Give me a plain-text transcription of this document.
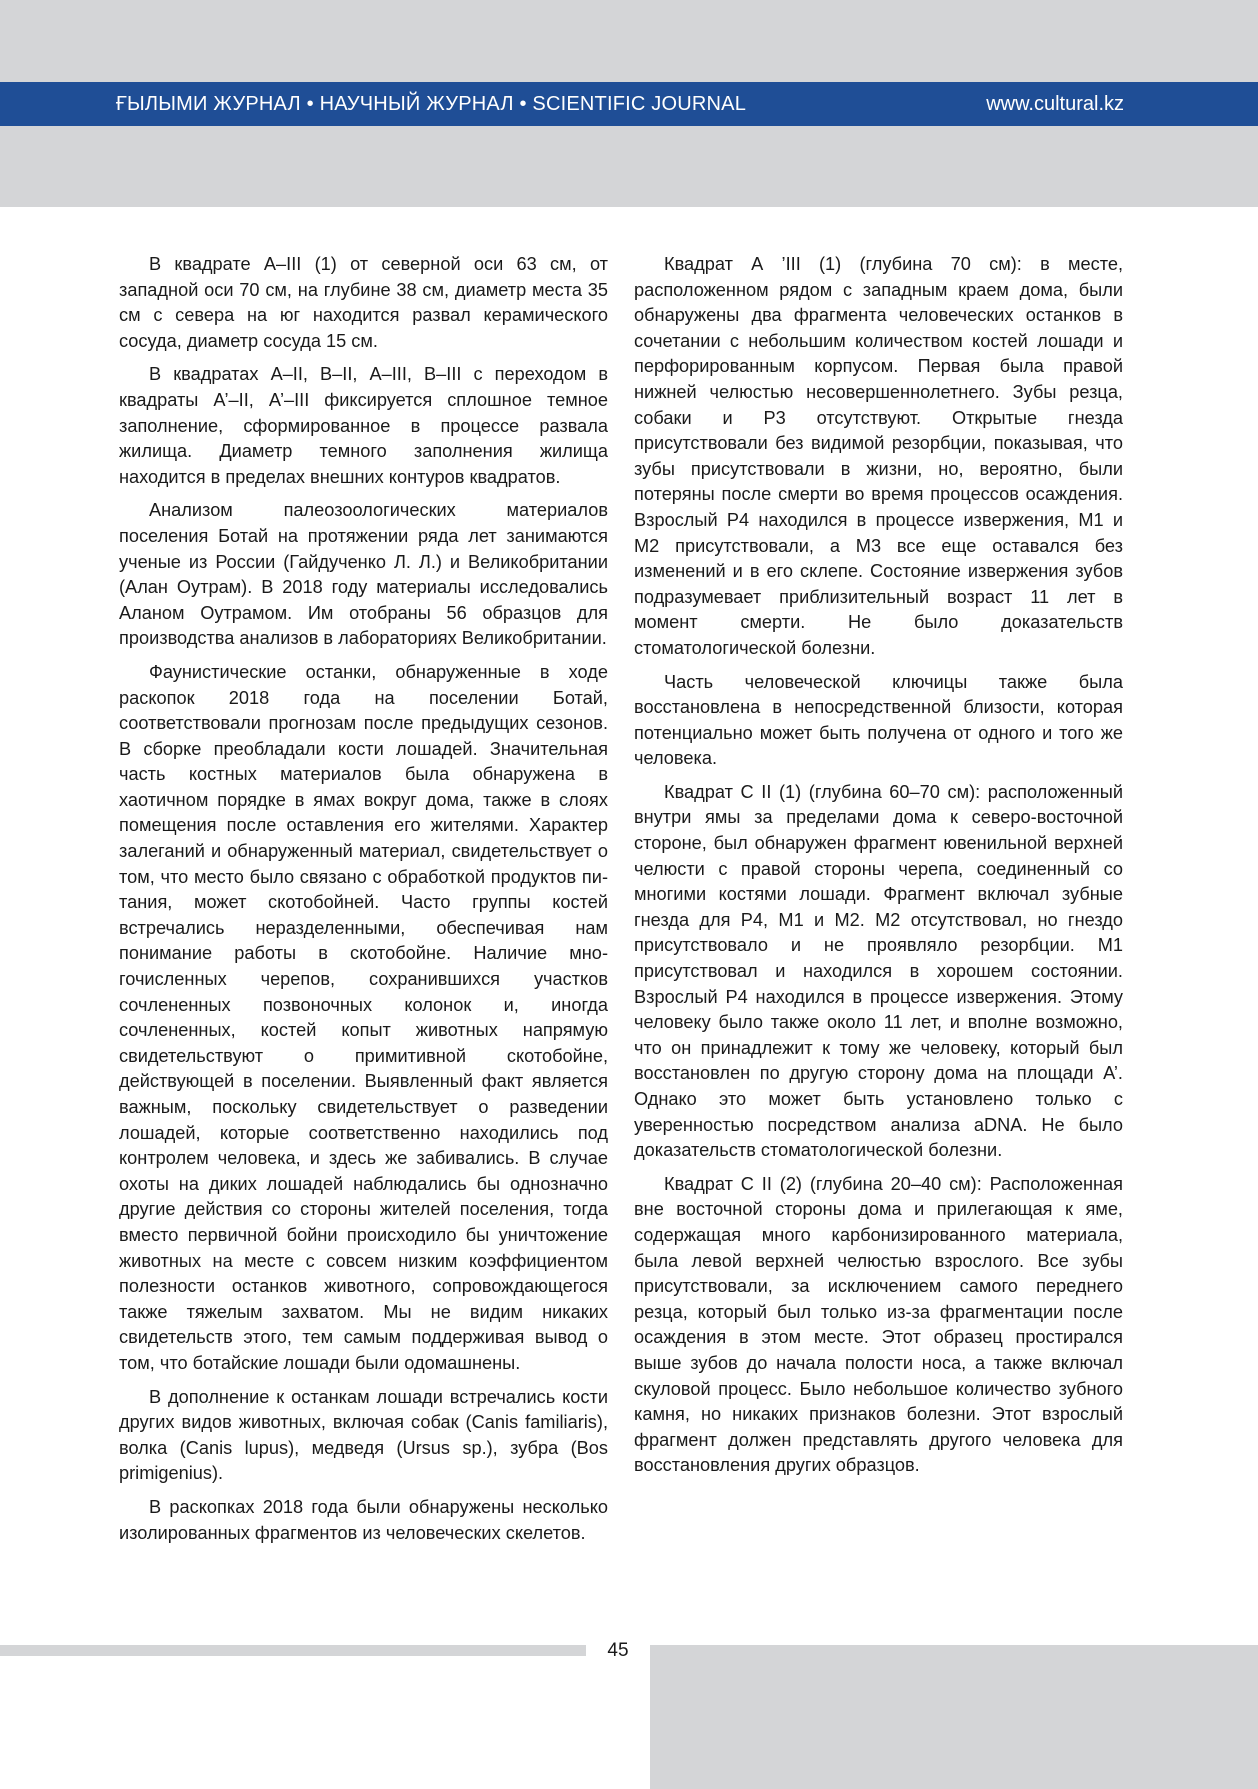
ҒЫЛЫМИ ЖУРНАЛ • НАУЧНЫЙ ЖУРНАЛ • SCIENTIFIC JOURNAL	www.cultural.kz

В квадрате А–III (1) от северной оси 63 см, от западной оси 70 см, на глубине 38 см, диаметр места 35 см с севера на юг находится развал керамического сосуда, диаметр сосуда 15 см.

В квадратах А–II, В–II, А–III, В–III с переходом в квадраты А’–II, А’–III фиксируется сплошное темное заполнение, сформированное в процессе развала жилища. Диаметр темного заполнения жилища находится в пределах внешних контуров квадратов.

Анализом палеозоологических материалов поселения Ботай на протяжении ряда лет занимаются ученые из России (Гайдученко Л. Л.) и Великобритании (Алан Оутрам). В 2018 году материалы исследовались Аланом Оутрамом. Им отобраны 56 образцов для производства анализов в лабораториях Великобритании.

Фаунистические останки, обнаруженные в ходе раскопок 2018 года на поселении Ботай, соответствовали прогнозам после предыдущих сезонов. В сборке преобладали кости лошадей. Значительная часть костных материалов была обнаружена в хаотичном порядке в ямах вокруг дома, также в слоях помещения после оставления его жителями. Характер залеганий и обнаруженный материал, свидетельствует о том, что место было связано с обработкой продуктов питания, может скотобойней. Часто группы костей встречались неразделенными, обеспечивая нам понимание работы в скотобойне. Наличие многочисленных черепов, сохранившихся участков сочлененных позвоночных колонок и, иногда сочлененных, костей копыт животных напрямую свидетельствуют о примитивной скотобойне, действующей в поселении. Выявленный факт является важным, поскольку свидетельствует о разведении лошадей, которые соответственно находились под контролем человека, и здесь же забивались. В случае охоты на диких лошадей наблюдались бы однозначно другие действия со стороны жителей поселения, тогда вместо первичной бойни происходило бы уничтожение животных на месте с совсем низким коэффициентом полезности останков животного, сопровождающегося также тяжелым захватом. Мы не видим никаких свидетельств этого, тем самым поддерживая вывод о том, что ботайские лошади были одомашнены.

В дополнение к останкам лошади встречались кости других видов животных, включая собак (Canis familiaris), волка (Canis lupus), медведя (Ursus sp.), зубра (Bos primigenius).

В раскопках 2018 года были обнаружены несколько изолированных фрагментов из человеческих скелетов.

Квадрат А ’III (1) (глубина 70 см): в месте, расположенном рядом с западным краем дома, были обнаружены два фрагмента человеческих останков в сочетании с небольшим количеством костей лошади и перфорированным корпусом. Первая была правой нижней челюстью несовершеннолетнего. Зубы резца, собаки и P3 отсутствуют. Открытые гнезда присутствовали без видимой резорбции, показывая, что зубы присутствовали в жизни, но, вероятно, были потеряны после смерти во время процессов осаждения. Взрослый P4 находился в процессе извержения, M1 и M2 присутствовали, а M3 все еще оставался без изменений и в его склепе. Состояние извержения зубов подразумевает приблизительный возраст 11 лет в момент смерти. Не было доказательств стоматологической болезни.

Часть человеческой ключицы также была восстановлена в непосредственной близости, которая потенциально может быть получена от одного и того же человека.

Квадрат С II (1) (глубина 60–70 см): расположенный внутри ямы за пределами дома к северо-восточной стороне, был обнаружен фрагмент ювенильной верхней челюсти с правой стороны черепа, соединенный со многими костями лошади. Фрагмент включал зубные гнезда для P4, M1 и M2. M2 отсутствовал, но гнездо присутствовало и не проявляло резорбции. M1 присутствовал и находился в хорошем состоянии. Взрослый P4 находился в процессе извержения. Этому человеку было также около 11 лет, и вполне возможно, что он принадлежит к тому же человеку, который был восстановлен по другую сторону дома на площади A’. Однако это может быть установлено только с уверенностью посредством анализа aDNA. Не было доказательств стоматологической болезни.

Квадрат С II (2) (глубина 20–40 см): Расположенная вне восточной стороны дома и прилегающая к яме, содержащая много карбонизированного материала, была левой верхней челюстью взрослого. Все зубы присутствовали, за исключением самого переднего резца, который был только из-за фрагментации после осаждения в этом месте. Этот образец простирался выше зубов до начала полости носа, а также включал скуловой процесс. Было небольшое количество зубного камня, но никаких признаков болезни. Этот взрослый фрагмент должен представлять другого человека для восстановления других образцов.

45
